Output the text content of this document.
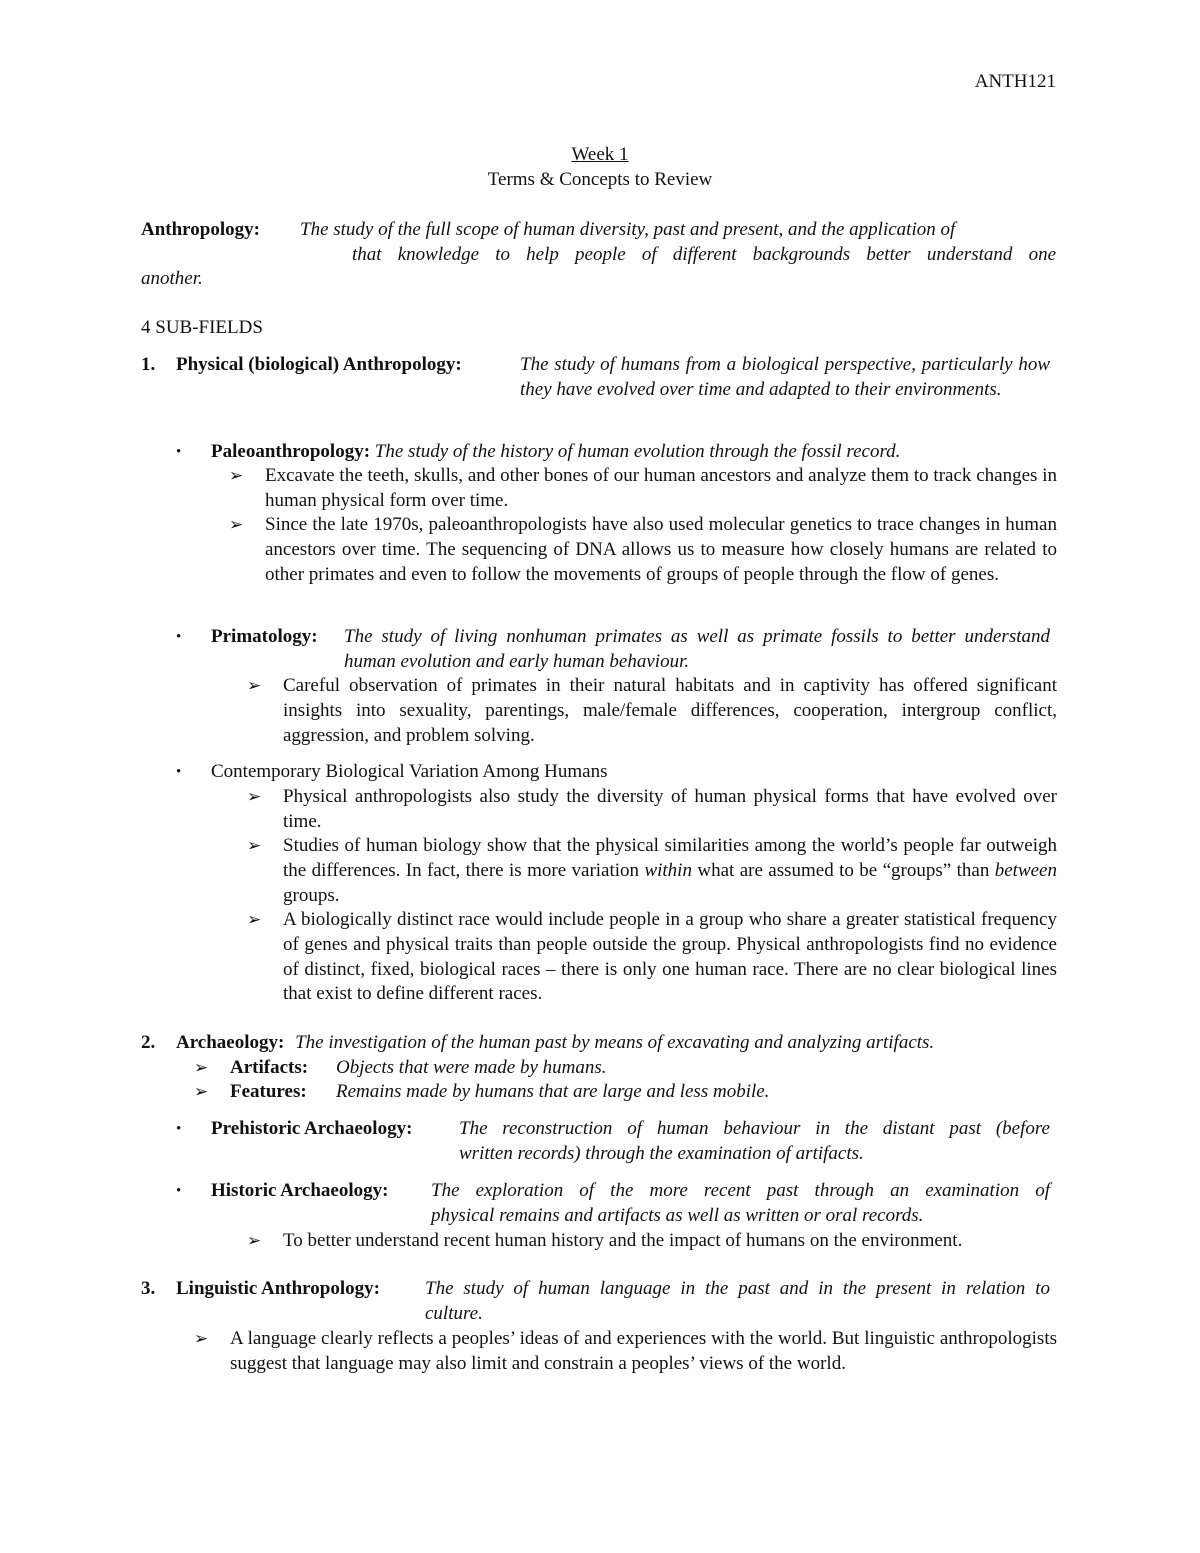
ANTH121
Week 1
Terms & Concepts to Review
Anthropology: The study of the full scope of human diversity, past and present, and the application of
that knowledge to help people of different backgrounds better understand one
another.
4 SUB-FIELDS
1. Physical (biological) Anthropology:	The study of humans from a biological perspective, particularly how they have evolved over time and adapted to their environments.
• Paleoanthropology: The study of the history of human evolution through the fossil record.
➢ Excavate the teeth, skulls, and other bones of our human ancestors and analyze them to track changes in human physical form over time.
➢ Since the late 1970s, paleoanthropologists have also used molecular genetics to trace changes in human ancestors over time. The sequencing of DNA allows us to measure how closely humans are related to other primates and even to follow the movements of groups of people through the flow of genes.
• Primatology: The study of living nonhuman primates as well as primate fossils to better understand human evolution and early human behaviour.
➢ Careful observation of primates in their natural habitats and in captivity has offered significant insights into sexuality, parentings, male/female differences, cooperation, intergroup conflict, aggression, and problem solving.
• Contemporary Biological Variation Among Humans
➢ Physical anthropologists also study the diversity of human physical forms that have evolved over time.
➢ Studies of human biology show that the physical similarities among the world’s people far outweigh the differences. In fact, there is more variation within what are assumed to be “groups” than between groups.
➢ A biologically distinct race would include people in a group who share a greater statistical frequency of genes and physical traits than people outside the group. Physical anthropologists find no evidence of distinct, fixed, biological races – there is only one human race. There are no clear biological lines that exist to define different races.
2. Archaeology: The investigation of the human past by means of excavating and analyzing artifacts.
➢ Artifacts: Objects that were made by humans.
➢ Features: Remains made by humans that are large and less mobile.
• Prehistoric Archaeology: The reconstruction of human behaviour in the distant past (before
written records) through the examination of artifacts.
• Historic Archaeology: The exploration of the more recent past through an examination of
physical remains and artifacts as well as written or oral records.
➢ To better understand recent human history and the impact of humans on the environment.
3. Linguistic Anthropology: The study of human language in the past and in the present in relation to
culture.
➢ A language clearly reflects a peoples’ ideas of and experiences with the world. But linguistic anthropologists suggest that language may also limit and constrain a peoples’ views of the world.
